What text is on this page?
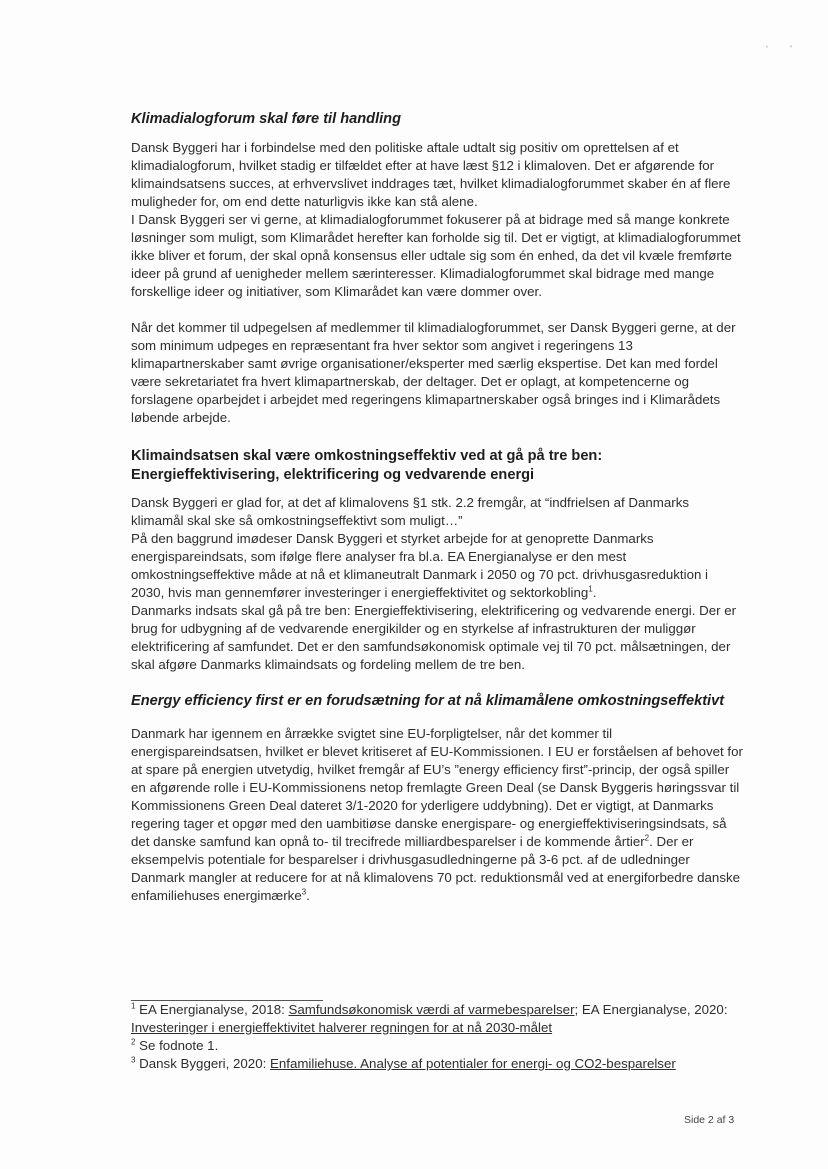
‘ ’
Klimadialogforum skal føre til handling

Dansk Byggeri har i forbindelse med den politiske aftale udtalt sig positiv om oprettelsen af et klimadialogforum, hvilket stadig er tilfældet efter at have læst §12 i klimaloven. Det er afgørende for klimaindsatsens succes, at erhvervslivet inddrages tæt, hvilket klimadialogforummet skaber én af flere muligheder for, om end dette naturligvis ikke kan stå alene.

I Dansk Byggeri ser vi gerne, at klimadialogforummet fokuserer på at bidrage med så mange konkrete løsninger som muligt, som Klimarådet herefter kan forholde sig til. Det er vigtigt, at klimadialogforummet ikke bliver et forum, der skal opnå konsensus eller udtale sig som én enhed, da det vil kvæle fremførte ideer på grund af uenigheder mellem særinteresser. Klimadialogforummet skal bidrage med mange forskellige ideer og initiativer, som Klimarådet kan være dommer over.

Når det kommer til udpegelsen af medlemmer til klimadialogforummet, ser Dansk Byggeri gerne, at der som minimum udpeges en repræsentant fra hver sektor som angivet i regeringens 13 klimapartnerskaber samt øvrige organisationer/eksperter med særlig ekspertise. Det kan med fordel være sekretariatet fra hvert klimapartnerskab, der deltager. Det er oplagt, at kompetencerne og forslagene oparbejdet i arbejdet med regeringens klimapartnerskaber også bringes ind i Klimarådets løbende arbejde.

Klimaindsatsen skal være omkostningseffektiv ved at gå på tre ben: Energieffektivisering, elektrificering og vedvarende energi

Dansk Byggeri er glad for, at det af klimalovens §1 stk. 2.2 fremgår, at “indfrielsen af Danmarks klimamål skal ske så omkostningseffektivt som muligt…”

På den baggrund imødeser Dansk Byggeri et styrket arbejde for at genoprette Danmarks energispareindsats, som ifølge flere analyser fra bl.a. EA Energianalyse er den mest omkostningseffektive måde at nå et klimaneutralt Danmark i 2050 og 70 pct. drivhusgasreduktion i 2030, hvis man gennemfører investeringer i energieffektivitet og sektorkobling$^1$.

Danmarks indsats skal gå på tre ben: Energieffektivisering, elektrificering og vedvarende energi. Der er brug for udbygning af de vedvarende energikilder og en styrkelse af infrastrukturen der muliggør elektrificering af samfundet. Det er den samfundsøkonomisk optimale vej til 70 pct. målsætningen, der skal afgøre Danmarks klimaindsats og fordeling mellem de tre ben.

Energy efficiency first er en forudsætning for at nå klimamålene omkostningseffektivt

Danmark har igennem en årrække svigtet sine EU-forpligtelser, når det kommer til energispareindsatsen, hvilket er blevet kritiseret af EU-Kommissionen. I EU er forståelsen af behovet for at spare på energien utvetydig, hvilket fremgår af EU’s ”energy efficiency first”-princip, der også spiller en afgørende rolle i EU-Kommissionens netop fremlagte Green Deal (se Dansk Byggeris høringssvar til Kommissionens Green Deal dateret 3/1-2020 for yderligere uddybning). Det er vigtigt, at Danmarks regering tager et opgør med den uambitiøse danske energispare- og energieffektiviseringsindsats, så det danske samfund kan opnå to- til trecifrede milliardbesparelser i de kommende årtier$^2$. Der er eksempelvis potentiale for besparelser i drivhusgasudledningerne på 3-6 pct. af de udledninger Danmark mangler at reducere for at nå klimalovens 70 pct. reduktionsmål ved at energiforbedre danske enfamiliehuses energimærke$^3$.

$^1$ EA Energianalyse, 2018: Samfundsøkonomisk værdi af varmebesparelser; EA Energianalyse, 2020: Investeringer i energieffektivitet halverer regningen for at nå 2030-målet

$^2$ Se fodnote 1.

$^3$ Dansk Byggeri, 2020: Enfamiliehuse. Analyse af potentialer for energi- og CO2-besparelser

Side 2 af 3
